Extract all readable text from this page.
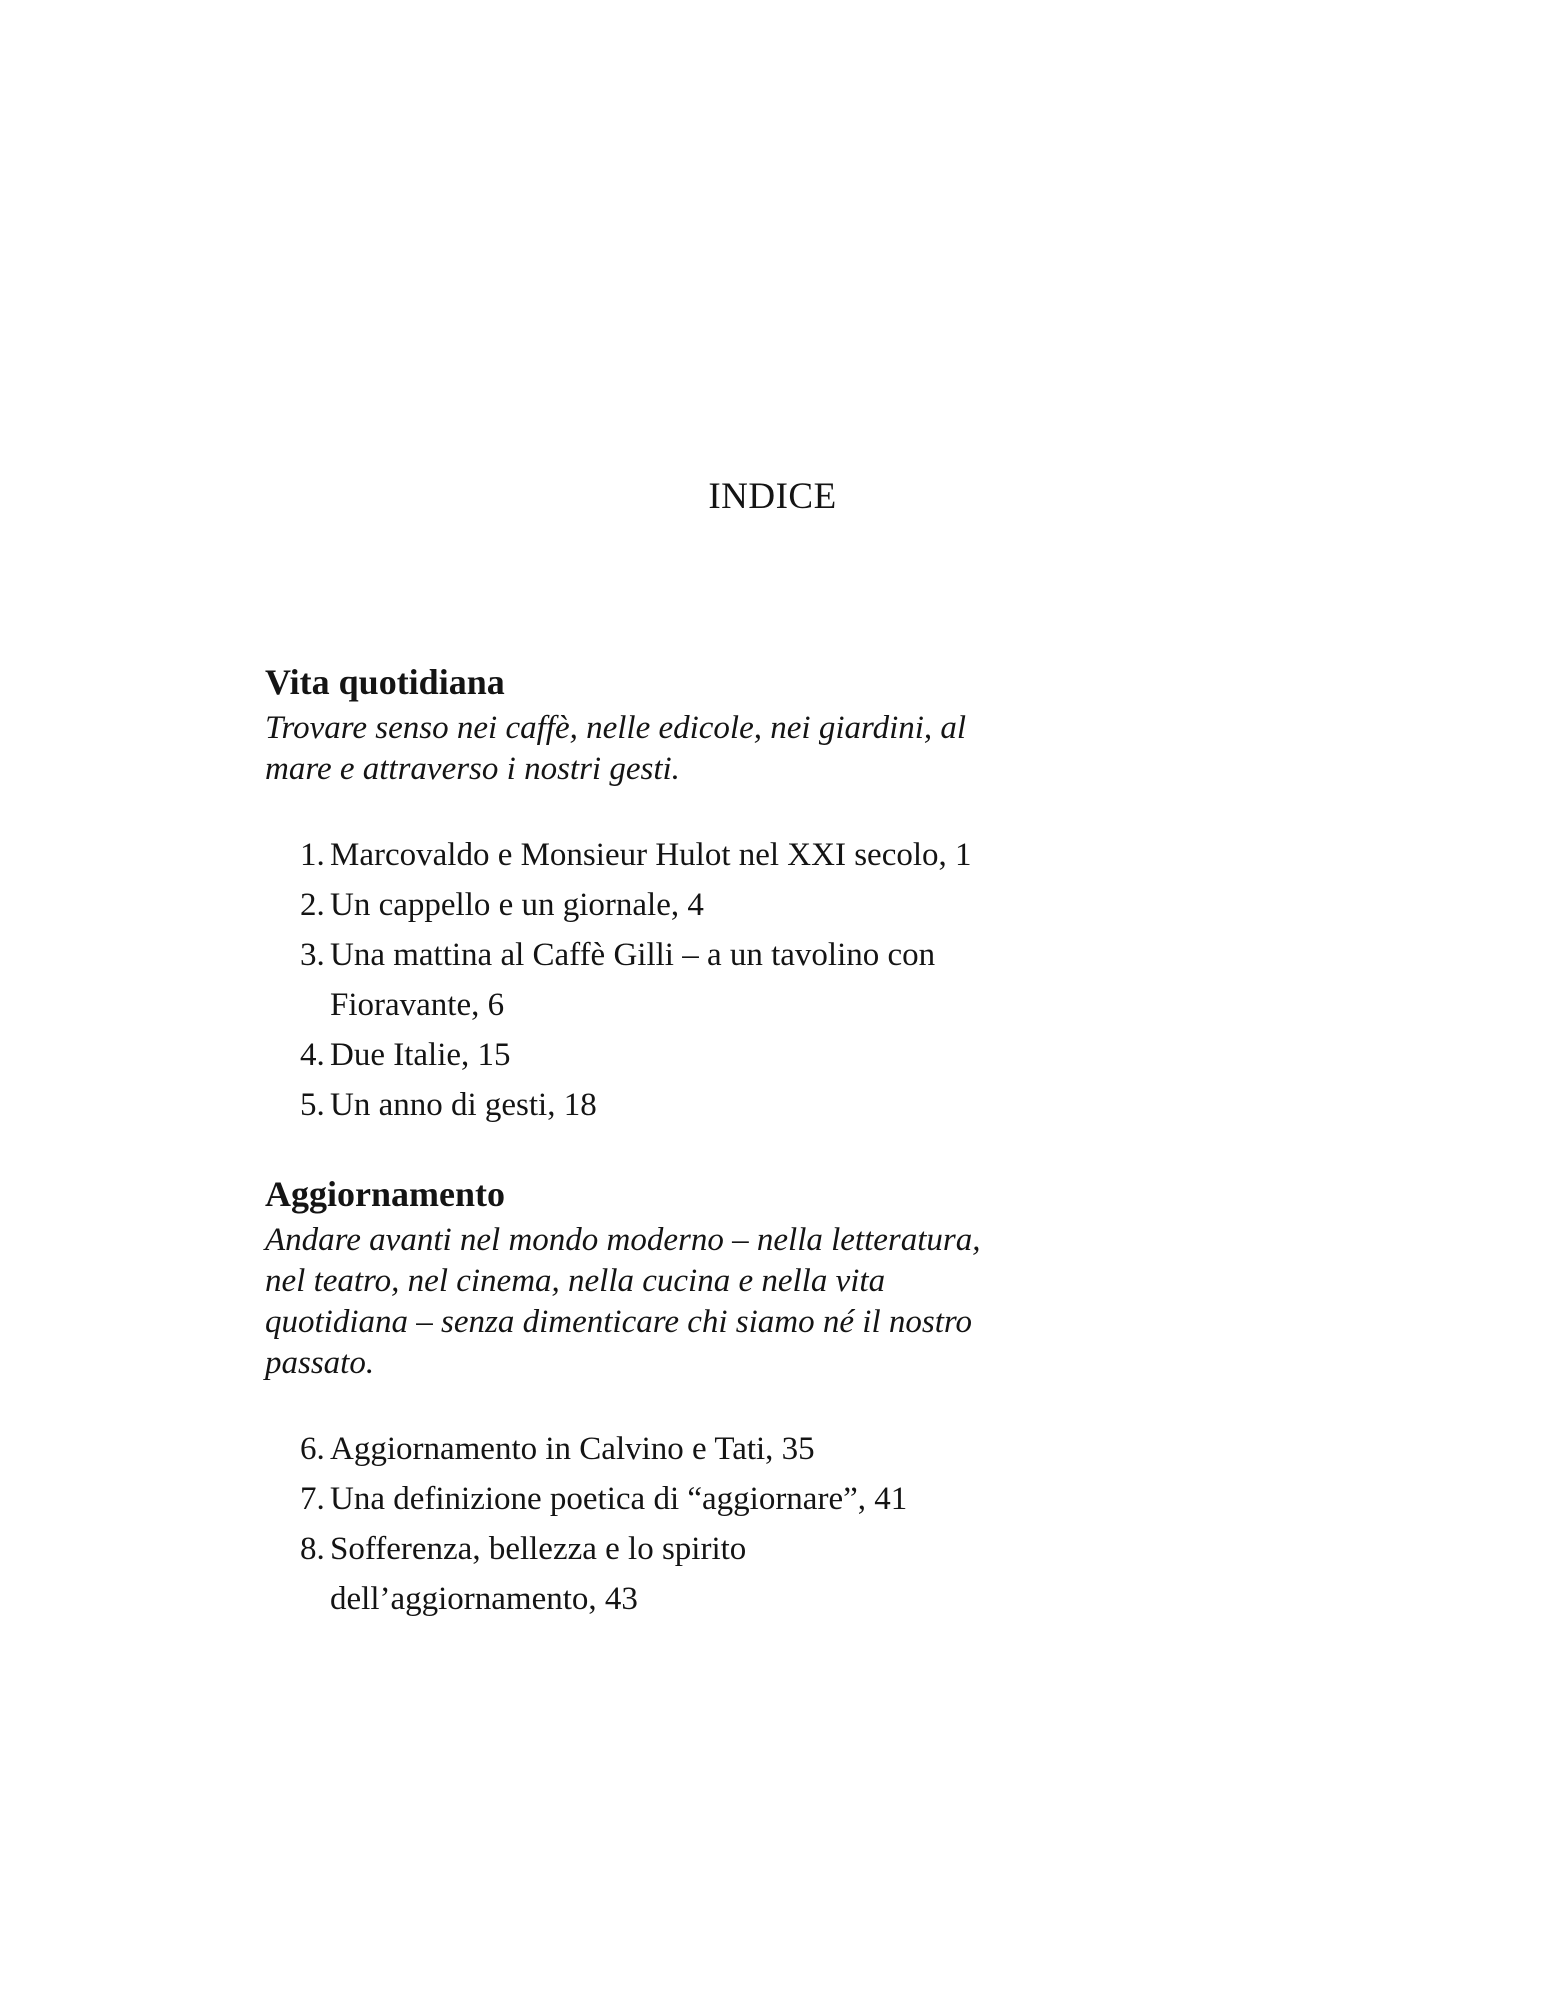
INDICE
Vita quotidiana
Trovare senso nei caffè, nelle edicole, nei giardini, al mare e attraverso i nostri gesti.
1. Marcovaldo e Monsieur Hulot nel XXI secolo, 1
2. Un cappello e un giornale, 4
3. Una mattina al Caffè Gilli – a un tavolino con Fioravante, 6
4. Due Italie, 15
5. Un anno di gesti, 18
Aggiornamento
Andare avanti nel mondo moderno – nella letteratura, nel teatro, nel cinema, nella cucina e nella vita quotidiana – senza dimenticare chi siamo né il nostro passato.
6. Aggiornamento in Calvino e Tati, 35
7. Una definizione poetica di “aggiornare”, 41
8. Sofferenza, bellezza e lo spirito dell’aggiornamento, 43
